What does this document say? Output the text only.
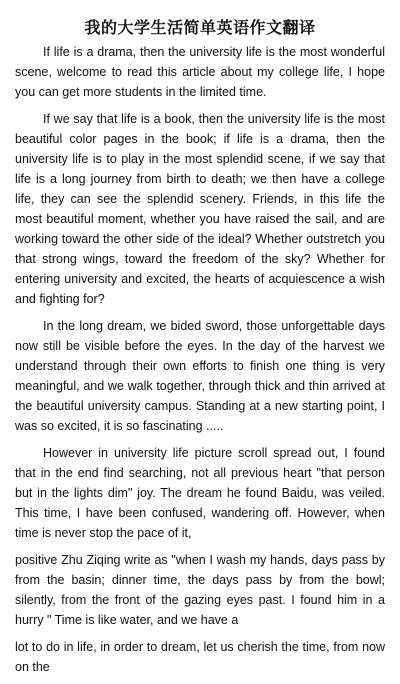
我的大学生活简单英语作文翻译

If life is a drama, then the university life is the most wonderful scene, welcome to read this article about my college life, I hope you can get more students in the limited time.

If we say that life is a book, then the university life is the most beautiful color pages in the book; if life is a drama, then the university life is to play in the most splendid scene, if we say that life is a long journey from birth to death; we then have a college life, they can see the splendid scenery. Friends, in this life the most beautiful moment, whether you have raised the sail, and are working toward the other side of the ideal? Whether outstretch you that strong wings, toward the freedom of the sky? Whether for entering university and excited, the hearts of acquiescence a wish and fighting for?

In the long dream, we bided sword, those unforgettable days now still be visible before the eyes. In the day of the harvest we understand through their own efforts to finish one thing is very meaningful, and we walk together, through thick and thin arrived at the beautiful university campus. Standing at a new starting point, I was so excited, it is so fascinating .....

However in university life picture scroll spread out, I found that in the end find searching, not all previous heart "that person but in the lights dim" joy. The dream he found Baidu, was veiled. This time, I have been confused, wandering off. However, when time is never stop the pace of it,

positive Zhu Ziqing write as "when I wash my hands, days pass by from the basin; dinner time, the days pass by from the bowl; silently, from the front of the gazing eyes past. I found him in a hurry " Time is like water, and we have a

lot to do in life, in order to dream, let us cherish the time, from now on the
